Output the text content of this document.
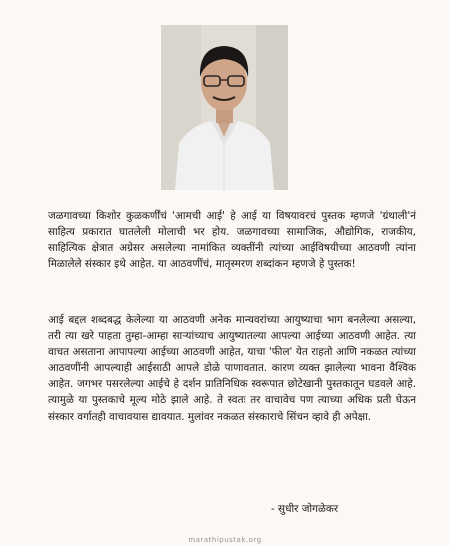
जळगावच्या किशोर कुळकर्णींचं 'आमची आई' हे आई या विषयावरचं पुस्तक म्हणजे 'ग्रंथाली'नं साहित्य प्रकारात घातलेली मोलाची भर होय. जळगावच्या सामाजिक, औद्योगिक, राजकीय, साहित्यिक क्षेत्रात अग्रेसर असलेल्या नामांकित व्यक्तींनी त्यांच्या आईविषयीच्या आठवणी त्यांना मिळालेले संस्कार इथे आहेत. या आठवणींचं, मातृस्मरण शब्दांकन म्हणजे हे पुस्तक!

आई बद्दल शब्दबद्ध केलेल्या या आठवणी अनेक मान्यवरांच्या आयुष्याचा भाग बनलेल्या असल्या, तरी त्या खरे पाहता तुम्हा-आम्हा साऱ्यांच्याच आयुष्यातल्या आपल्या आईच्या आठवणी आहेत. त्या वाचत असताना आपापल्या आईच्या आठवणी आहेत, याचा 'फील' येत राहतो आणि नकळत त्यांच्या आठवणींनी आपल्याही आईसाठी आपले डोळे पाणावतात. कारण व्यक्त झालेल्या भावना वैश्विक आहेत. जगभर पसरलेल्या आईचे हे दर्शन प्रातिनिधिक स्वरूपात छोटेखानी पुस्तकातून घडवले आहे. त्यामुळे या पुस्तकाचे मूल्य मोठे झाले आहे. ते स्वतः तर वाचावेच पण त्याच्या अधिक प्रती घेऊन संस्कार वर्गातही वाचावयास द्यावयात. मुलांवर नकळत संस्काराचे सिंचन व्हावे ही अपेक्षा.

- सुधीर जोगळेकर
marathipustak.org
